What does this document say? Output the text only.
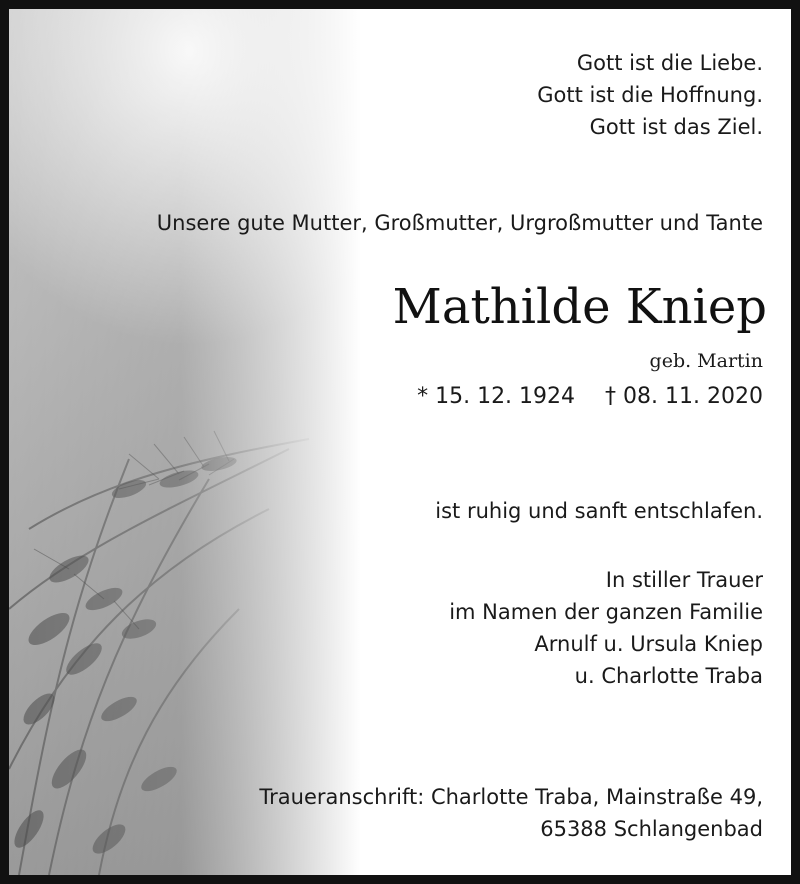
Gott ist die Liebe.
Gott ist die Hoffnung.
Gott ist das Ziel.
Unsere gute Mutter, Großmutter, Urgroßmutter und Tante
Mathilde Kniep
geb. Martin
* 15. 12. 1924 † 08. 11. 2020
ist ruhig und sanft entschlafen.
In stiller Trauer
im Namen der ganzen Familie
Arnulf u. Ursula Kniep
u. Charlotte Traba
Traueranschrift: Charlotte Traba, Mainstraße 49,
65388 Schlangenbad
